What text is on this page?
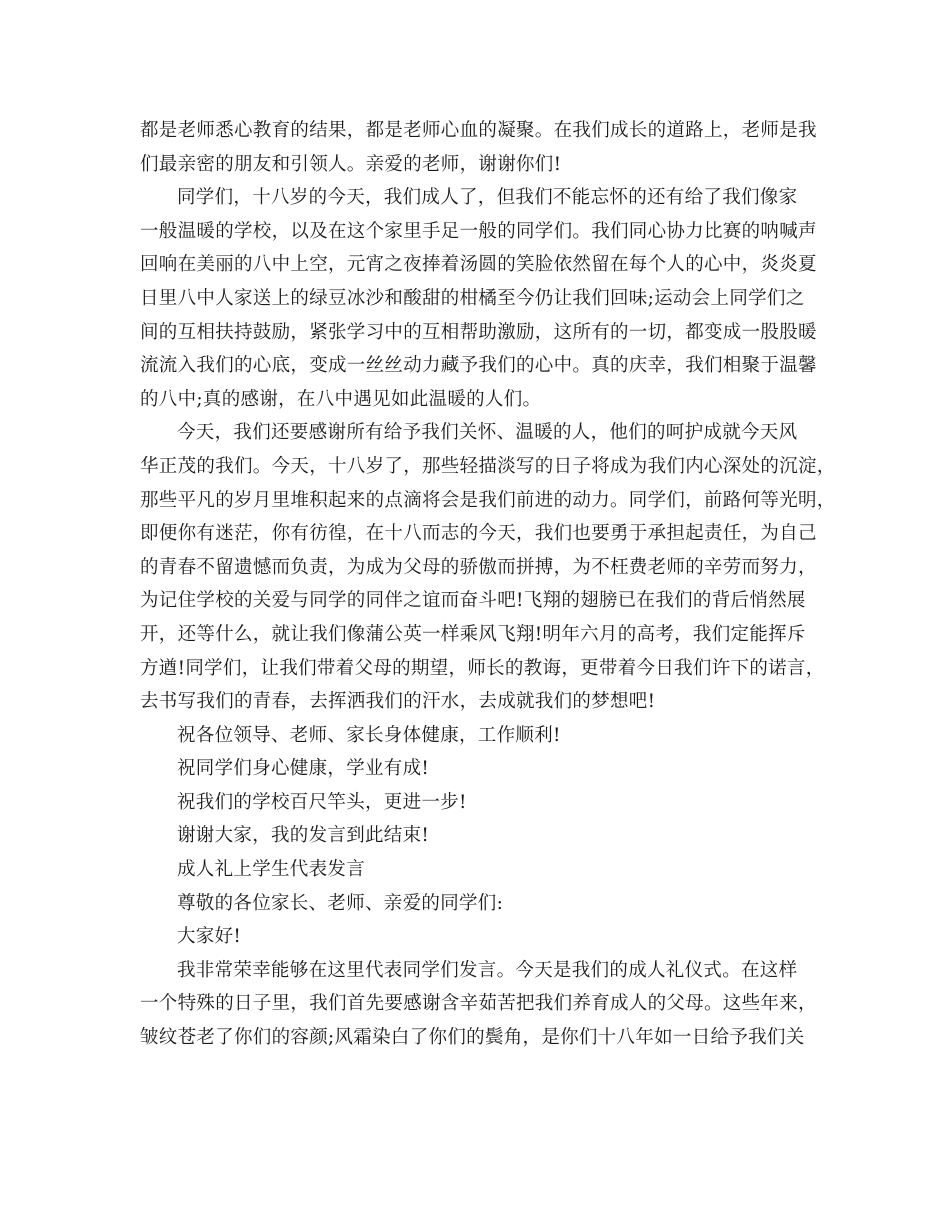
都是老师悉心教育的结果，都是老师心血的凝聚。在我们成长的道路上，老师是我
们最亲密的朋友和引领人。亲爱的老师，谢谢你们!
同学们，十八岁的今天，我们成人了，但我们不能忘怀的还有给了我们像家
一般温暖的学校，以及在这个家里手足一般的同学们。我们同心协力比赛的呐喊声
回响在美丽的八中上空，元宵之夜捧着汤圆的笑脸依然留在每个人的心中，炎炎夏
日里八中人家送上的绿豆冰沙和酸甜的柑橘至今仍让我们回味;运动会上同学们之
间的互相扶持鼓励，紧张学习中的互相帮助激励，这所有的一切，都变成一股股暖
流流入我们的心底，变成一丝丝动力藏予我们的心中。真的庆幸，我们相聚于温馨
的八中;真的感谢，在八中遇见如此温暖的人们。
今天，我们还要感谢所有给予我们关怀、温暖的人，他们的呵护成就今天风
华正茂的我们。今天，十八岁了，那些轻描淡写的日子将成为我们内心深处的沉淀，
那些平凡的岁月里堆积起来的点滴将会是我们前进的动力。同学们，前路何等光明，
即便你有迷茫，你有彷徨，在十八而志的今天，我们也要勇于承担起责任，为自己
的青春不留遗憾而负责，为成为父母的骄傲而拼搏，为不枉费老师的辛劳而努力，
为记住学校的关爱与同学的同伴之谊而奋斗吧!飞翔的翅膀已在我们的背后悄然展
开，还等什么，就让我们像蒲公英一样乘风飞翔!明年六月的高考，我们定能挥斥
方遒!同学们，让我们带着父母的期望，师长的教诲，更带着今日我们许下的诺言，
去书写我们的青春，去挥洒我们的汗水，去成就我们的梦想吧!
祝各位领导、老师、家长身体健康，工作顺利!
祝同学们身心健康，学业有成!
祝我们的学校百尺竿头，更进一步!
谢谢大家，我的发言到此结束!
成人礼上学生代表发言
尊敬的各位家长、老师、亲爱的同学们:
大家好!
我非常荣幸能够在这里代表同学们发言。今天是我们的成人礼仪式。在这样
一个特殊的日子里，我们首先要感谢含辛茹苦把我们养育成人的父母。这些年来，
皱纹苍老了你们的容颜;风霜染白了你们的鬓角，是你们十八年如一日给予我们关
